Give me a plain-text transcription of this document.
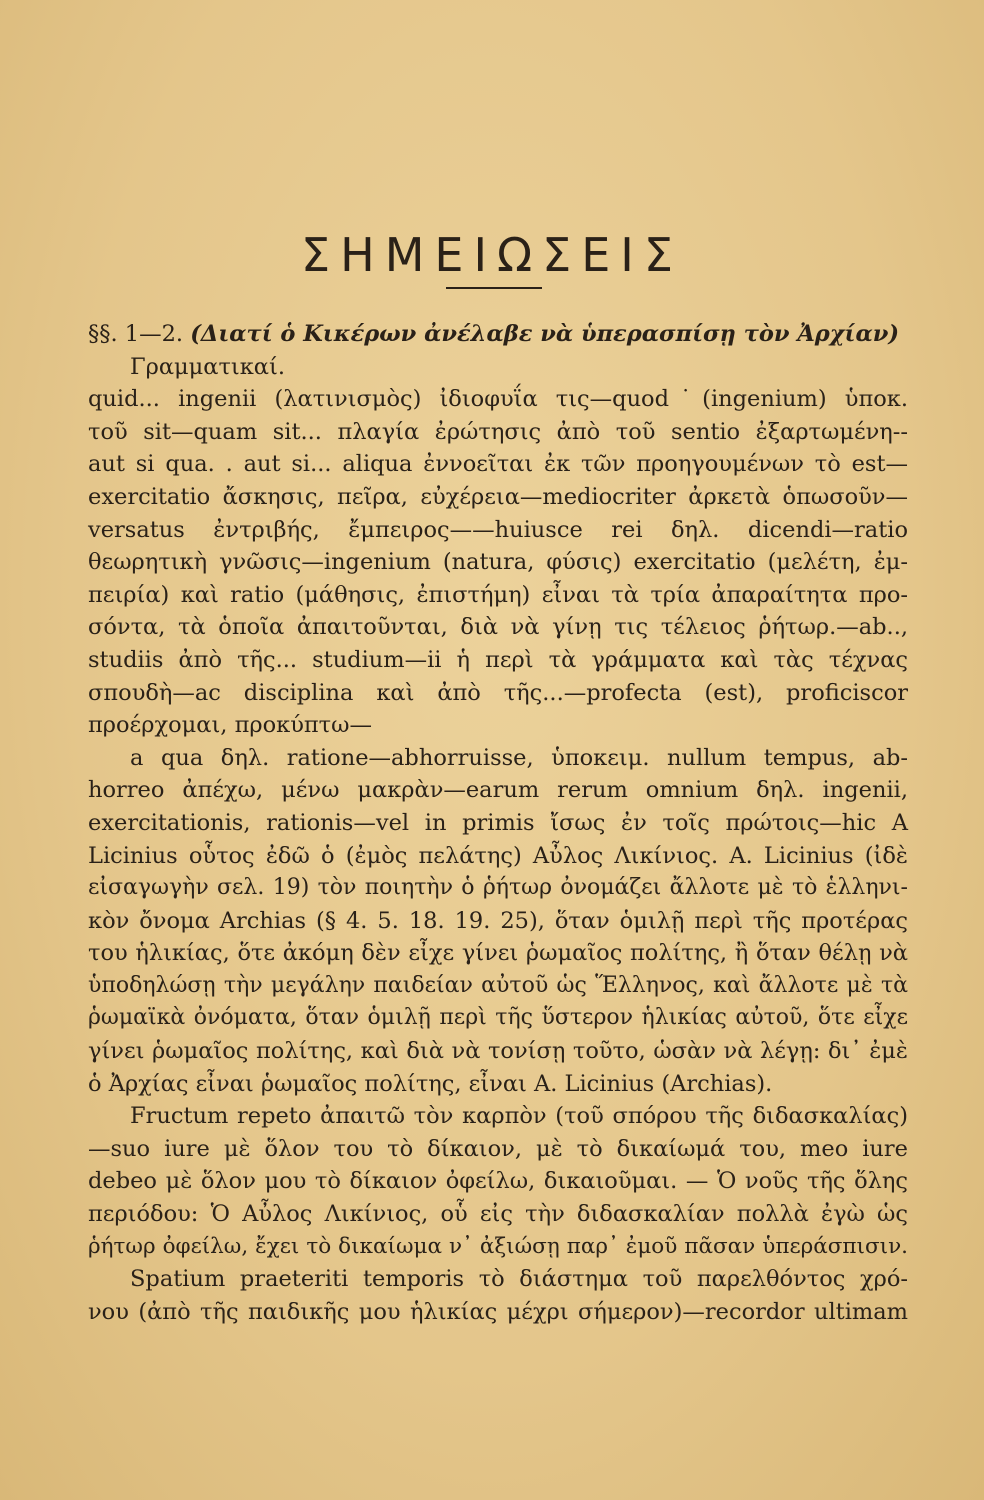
ΣΗΜΕΙΩΣΕΙΣ
§§. 1—2. (Διατί ὁ Κικέρων ἀνέλαβε νὰ ὑπερασπίσῃ τὸν Ἀρχίαν)
Γραμματικαί.
quid... ingenii (λατινισμὸς) ἰδιοφυΐα τις—quod˙(ingenium) ὑποκ.
τοῦ sit—quam sit... πλαγία ἐρώτησις ἀπὸ τοῦ sentio ἐξαρτωμένη--
aut si qua. . aut si... aliqua ἐννοεῖται ἐκ τῶν προηγουμένων τὸ est—
exercitatio ἄσκησις, πεῖρα, εὐχέρεια—mediocriter ἀρκετὰ ὁπωσοῦν—
versatus ἐντριβής, ἔμπειρος——huiusce rei δηλ. dicendi—ratio
θεωρητικὴ γνῶσις—ingenium (natura, φύσις) exercitatio (μελέτη, ἐμ-
πειρία) καὶ ratio (μάθησις, ἐπιστήμη) εἶναι τὰ τρία ἀπαραίτητα προ-
σόντα, τὰ ὁποῖα ἀπαιτοῦνται, διὰ νὰ γίνῃ τις τέλειος ῥήτωρ.—ab..,
studiis ἀπὸ τῆς... studium—ii ἡ περὶ τὰ γράμματα καὶ τὰς τέχνας
σπουδὴ—ac disciplina καὶ ἀπὸ τῆς...—profecta (est), proficiscor
προέρχομαι, προκύπτω—
a qua δηλ. ratione—abhorruisse, ὑποκειμ. nullum tempus, ab-
horreo ἀπέχω, μένω μακρὰν—earum rerum omnium δηλ. ingenii,
exercitationis, rationis—vel in primis ἴσως ἐν τοῖς πρώτοις—hic A
Licinius οὗτος ἐδῶ ὁ (ἐμὸς πελάτης) Αὖλος Λικίνιος. A. Licinius (ἰδὲ
εἰσαγωγὴν σελ. 19) τὸν ποιητὴν ὁ ῥήτωρ ὀνομάζει ἄλλοτε μὲ τὸ ἑλληνι-
κὸν ὄνομα Archias (§ 4. 5. 18. 19. 25), ὅταν ὁμιλῇ περὶ τῆς προτέρας
του ἡλικίας, ὅτε ἀκόμη δὲν εἶχε γίνει ῥωμαῖος πολίτης, ἢ ὅταν θέλῃ νὰ
ὑποδηλώσῃ τὴν μεγάλην παιδείαν αὐτοῦ ὡς Ἕλληνος, καὶ ἄλλοτε μὲ τὰ
ῥωμαϊκὰ ὀνόματα, ὅταν ὁμιλῇ περὶ τῆς ὕστερον ἡλικίας αὐτοῦ, ὅτε εἶχε
γίνει ῥωμαῖος πολίτης, καὶ διὰ νὰ τονίσῃ τοῦτο, ὡσὰν νὰ λέγῃ: δι᾿ ἐμὲ
ὁ Ἀρχίας εἶναι ῥωμαῖος πολίτης, εἶναι A. Licinius (Archias).
Fructum repeto ἀπαιτῶ τὸν καρπὸν (τοῦ σπόρου τῆς διδασκαλίας)
—suo iure μὲ ὅλον του τὸ δίκαιον, μὲ τὸ δικαίωμά του, meo iure
debeo μὲ ὅλον μου τὸ δίκαιον ὀφείλω, δικαιοῦμαι. — Ὁ νοῦς τῆς ὅλης
περιόδου: Ὁ Αὖλος Λικίνιος, οὗ εἰς τὴν διδασκαλίαν πολλὰ ἐγὼ ὡς
ῥήτωρ ὀφείλω, ἔχει τὸ δικαίωμα ν᾿ ἀξιώσῃ παρ᾿ ἐμοῦ πᾶσαν ὑπεράσπισιν.
Spatium praeteriti temporis τὸ διάστημα τοῦ παρελθόντος χρό-
νου (ἀπὸ τῆς παιδικῆς μου ἡλικίας μέχρι σήμερον)—recordor ultimam
